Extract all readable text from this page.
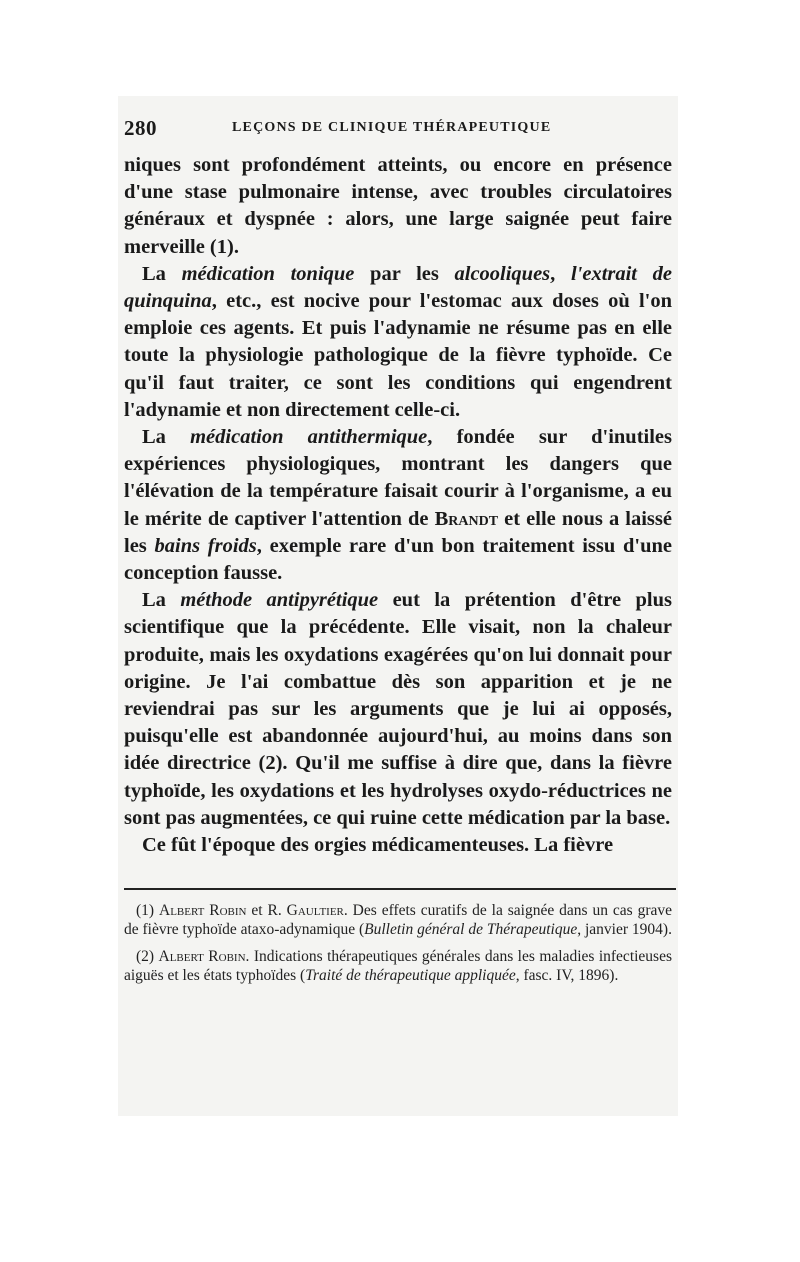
280	LEÇONS DE CLINIQUE THÉRAPEUTIQUE

niques sont profondément atteints, ou encore en présence d'une stase pulmonaire intense, avec troubles circulatoires généraux et dyspnée : alors, une large saignée peut faire merveille (1).

La médication tonique par les alcooliques, l'extrait de quinquina, etc., est nocive pour l'estomac aux doses où l'on emploie ces agents. Et puis l'adynamie ne résume pas en elle toute la physiologie pathologique de la fièvre typhoïde. Ce qu'il faut traiter, ce sont les conditions qui engendrent l'adynamie et non directement celle-ci.

La médication antithermique, fondée sur d'inutiles expériences physiologiques, montrant les dangers que l'élévation de la température faisait courir à l'organisme, a eu le mérite de captiver l'attention de Brandt et elle nous a laissé les bains froids, exemple rare d'un bon traitement issu d'une conception fausse.

La méthode antipyrétique eut la prétention d'être plus scientifique que la précédente. Elle visait, non la chaleur produite, mais les oxydations exagérées qu'on lui donnait pour origine. Je l'ai combattue dès son apparition et je ne reviendrai pas sur les arguments que je lui ai opposés, puisqu'elle est abandonnée aujourd'hui, au moins dans son idée directrice (2). Qu'il me suffise à dire que, dans la fièvre typhoïde, les oxydations et les hydrolyses oxydo-réductrices ne sont pas augmentées, ce qui ruine cette médication par la base.

Ce fût l'époque des orgies médicamenteuses. La fièvre

(1) Albert Robin et R. Gaultier. Des effets curatifs de la saignée dans un cas grave de fièvre typhoïde ataxo-adynamique (Bulletin général de Thérapeutique, janvier 1904).

(2) Albert Robin. Indications thérapeutiques générales dans les maladies infectieuses aiguës et les états typhoïdes (Traité de thérapeutique appliquée, fasc. IV, 1896).
